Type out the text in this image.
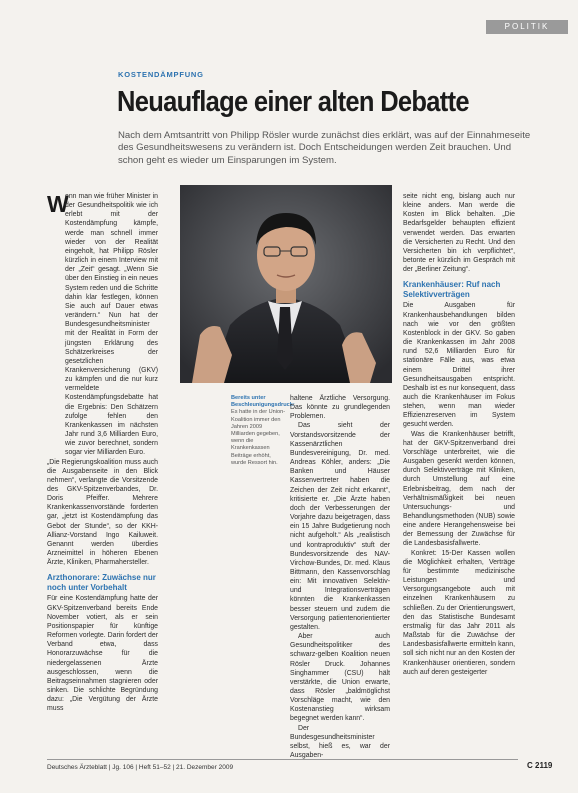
POLITIK
KOSTENDÄMPFUNG
Neuauflage einer alten Debatte
Nach dem Amtsantritt von Philipp Rösler wurde zunächst dies erklärt, was auf der Einnahmeseite des Gesundheitswesens zu verändern ist. Doch Entscheidungen werden Zeit brauchen. Und schon geht es wieder um Einsparungen im System.
W
enn man wie früher Minister in der Gesundheitspolitik wie ich erlebt mit der Kostendämpfung kämpfe, werde man schnell immer wieder von der Realität eingeholt, hat Philipp Rösler kürzlich in einem Interview mit der „Zeit“ gesagt. „Wenn Sie über den Einstieg in ein neues System reden und die Schritte dahin klar festlegen, können Sie auch auf Dauer etwas verändern.“ Nun hat der Bundesgesundheitsminister mit der Realität in Form der jüngsten Erklärung des Schätzerkreises der gesetzlichen Krankenversicherung (GKV) zu kämpfen und die nur kurz vermeldete Kostendämpfungsdebatte hat die Ergebnis: Den Schätzern zufolge fehlen den Krankenkassen im nächsten Jahr rund 3,6 Milliarden Euro, wie zuvor berechnet, sondern sogar vier Milliarden Euro.
„Die Regierungskoalition muss auch die Ausgabenseite in den Blick nehmen“, verlangte die Vorsitzende des GKV-Spitzenverbandes, Dr. Doris Pfeiffer. Mehrere Krankenkassenvorstände forderten gar, „jetzt ist Kostendämpfung das Gebot der Stunde“, so der KKH-Allianz-Vorstand Ingo Kailuweit. Genannt werden überdies Arzneimittel in höheren Ebenen Ärzte, Kliniken, Pharmahersteller.
Arzthonorare: Zuwächse nur noch unter Vorbehalt
Für eine Kostendämpfung hatte der GKV-Spitzenverband bereits Ende November votiert, als er sein Positionspapier für künftige Reformen vorlegte. Darin fordert der Verband etwa, dass Honorarzuwächse für die niedergelassenen Ärzte ausgeschlossen, wenn die Beitragseinnahmen stagnieren oder sinken. Die schlichte Begründung dazu: „Die Vergütung der Ärzte muss
Bereits unter Beschleunigungsdruck: Es hatte in der Union-Koalition immer den Jahren 2009 Milliarden gegeben, wenn die Krankenkassen Beiträge erhöht, wurde Ressort hin.
haltene Ärztliche Versorgung. Das könnte zu grundlegenden Problemen.
Das sieht der Vorstandsvorsitzende der Kassenärztlichen Bundesvereinigung, Dr. med. Andreas Köhler, anders: „Die Banken und Häuser Kassenvertreter haben die Zeichen der Zeit nicht erkannt“, kritisierte er. „Die Ärzte haben doch der Verbesserungen der Vorjahre dazu beigetragen, dass ein 15 Jahre Budgetierung noch nicht aufgeholt.“ Als „realistisch und kontraproduktiv“ stuft der Bundesvorsitzende des NAV-Virchow-Bundes, Dr. med. Klaus Bittmann, den Kassenvorschlag ein: Mit innovativen Selektiv- und Integrationsverträgen könnten die Krankenkassen besser steuern und zudem die Versorgung patientenorientierter gestalten.
Aber auch Gesundheitspolitiker des schwarz-gelben Koalition neuen Rösler Druck. Johannes Singhammer (CSU) hält verstärkte, die Union erwarte, dass Rösler „baldmöglichst Vorschläge macht, wie den Kostenanstieg wirksam begegnet werden kann“.
Der Bundesgesundheitsminister selbst, hieß es, war der Ausgaben-
seite nicht eng, bislang auch nur kleine anders. Man werde die Kosten im Blick behalten. „Die Bedarfsgelder behaupten effizient verwendet werden. Das erwarten die Versicherten zu Recht. Und den Versicherten bin ich verpflichtet“, betonte er kürzlich im Gespräch mit der „Berliner Zeitung“.
Krankenhäuser: Ruf nach Selektivverträgen
Die Ausgaben für Krankenhausbehandlungen bilden nach wie vor den größten Kostenblock in der GKV. So gaben die Krankenkassen im Jahr 2008 rund 52,6 Milliarden Euro für stationäre Fälle aus, was etwa einem Drittel ihrer Gesundheitsausgaben entspricht. Deshalb ist es nur konsequent, dass auch die Krankenhäuser im Fokus stehen, wenn man wieder Effizienzreserven im System gesucht werden.
Was die Krankenhäuser betrifft, hat der GKV-Spitzenverband drei Vorschläge unterbreitet, wie die Ausgaben gesenkt werden können, durch Selektivverträge mit Kliniken, durch Umstellung auf eine Erlebnisbeitrag, dem nach der Verhältnismäßigkeit bei neuen Untersuchungs- und Behandlungsmethoden (NUB) sowie eine andere Herangehensweise bei der Bemessung der Zuwächse für die Landesbasisfallwerte.
Konkret: 15-Der Kassen wollen die Möglichkeit erhalten, Verträge für bestimmte medizinische Leistungen und Versorgungsangebote auch mit einzelnen Krankenhäusern zu schließen. Zu der Orientierungswert, den das Statistische Bundesamt erstmalig für das Jahr 2011 als Maßstab für die Zuwächse der Landesbasisfallwerte ermitteln kann, soll sich nicht nur an den Kosten der Krankenhäuser orientieren, sondern auch auf deren gesteigerter
Deutsches Ärzteblatt | Jg. 106 | Heft 51–52 | 21. Dezember 2009	C 2119
